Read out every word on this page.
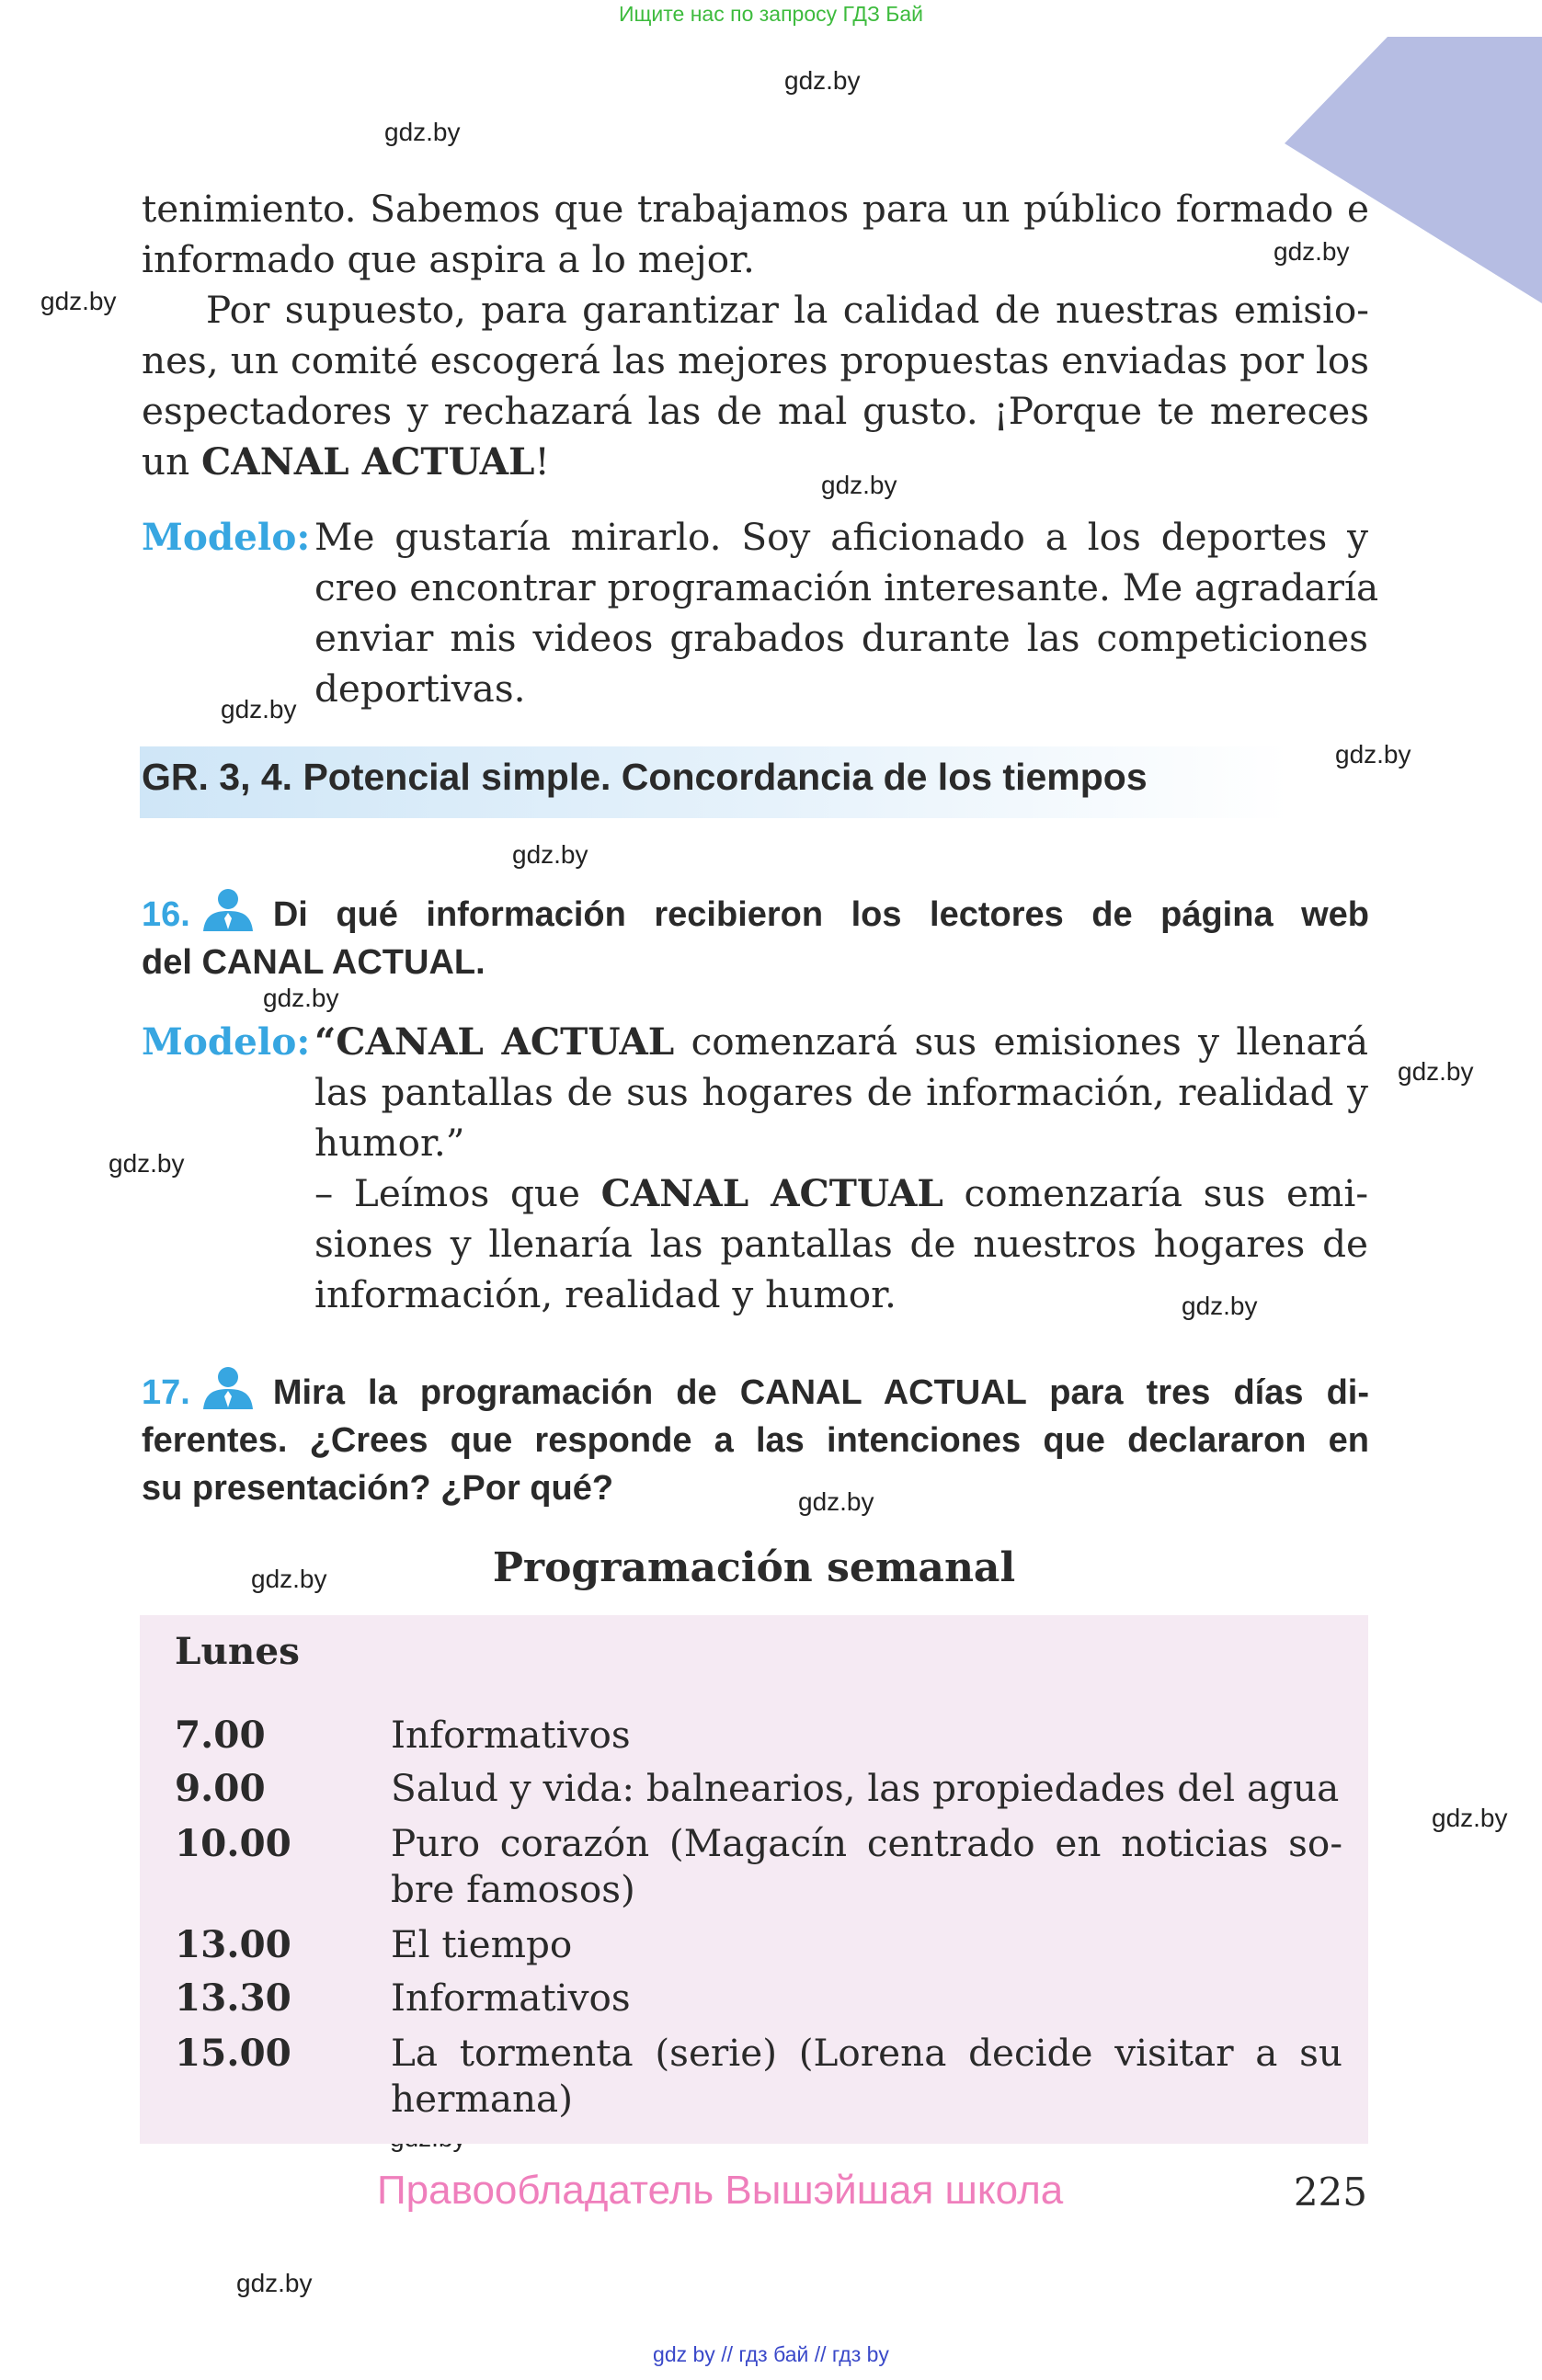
Ищите нас по запросу ГДЗ Бай
gdz.by
gdz.by
gdz.by
gdz.by
gdz.by
gdz.by
gdz.by
gdz.by
gdz.by
gdz.by
gdz.by
gdz.by
gdz.by
gdz.by
gdz.by
gdz.by
tenimiento. Sabemos que trabajamos para un público formado e
informado que aspira a lo mejor.
Por supuesto, para garantizar la calidad de nuestras emisio-
nes, un comité escogerá las mejores propuestas enviadas por los
espectadores y rechazará las de mal gusto. ¡Porque te mereces
un CANAL ACTUAL!
Modelo: Me gustaría mirarlo. Soy aficionado a los deportes y
creo encontrar programación interesante. Me agradaría
enviar mis videos grabados durante las competiciones
deportivas.
GR. 3, 4. Potencial simple. Concordancia de los tiempos
16. Di qué información recibieron los lectores de página web
del CANAL ACTUAL.
Modelo: “CANAL ACTUAL comenzará sus emisiones y llenará
las pantallas de sus hogares de información, realidad y
humor.”
– Leímos que CANAL ACTUAL comenzaría sus emi-
siones y llenaría las pantallas de nuestros hogares de
información, realidad y humor.
17. Mira la programación de CANAL ACTUAL para tres días di-
ferentes. ¿Crees que responde a las intenciones que declararon en
su presentación? ¿Por qué?
Programación semanal
Lunes
7.00	Informativos
9.00	Salud y vida: balnearios, las propiedades del agua
10.00	Puro corazón (Magacín centrado en noticias so-
bre famosos)
13.00	El tiempo
13.30	Informativos
15.00	La tormenta (serie) (Lorena decide visitar a su
hermana)
Правообладатель Вышэйшая школа	225
gdz by // гдз бай // гдз by
